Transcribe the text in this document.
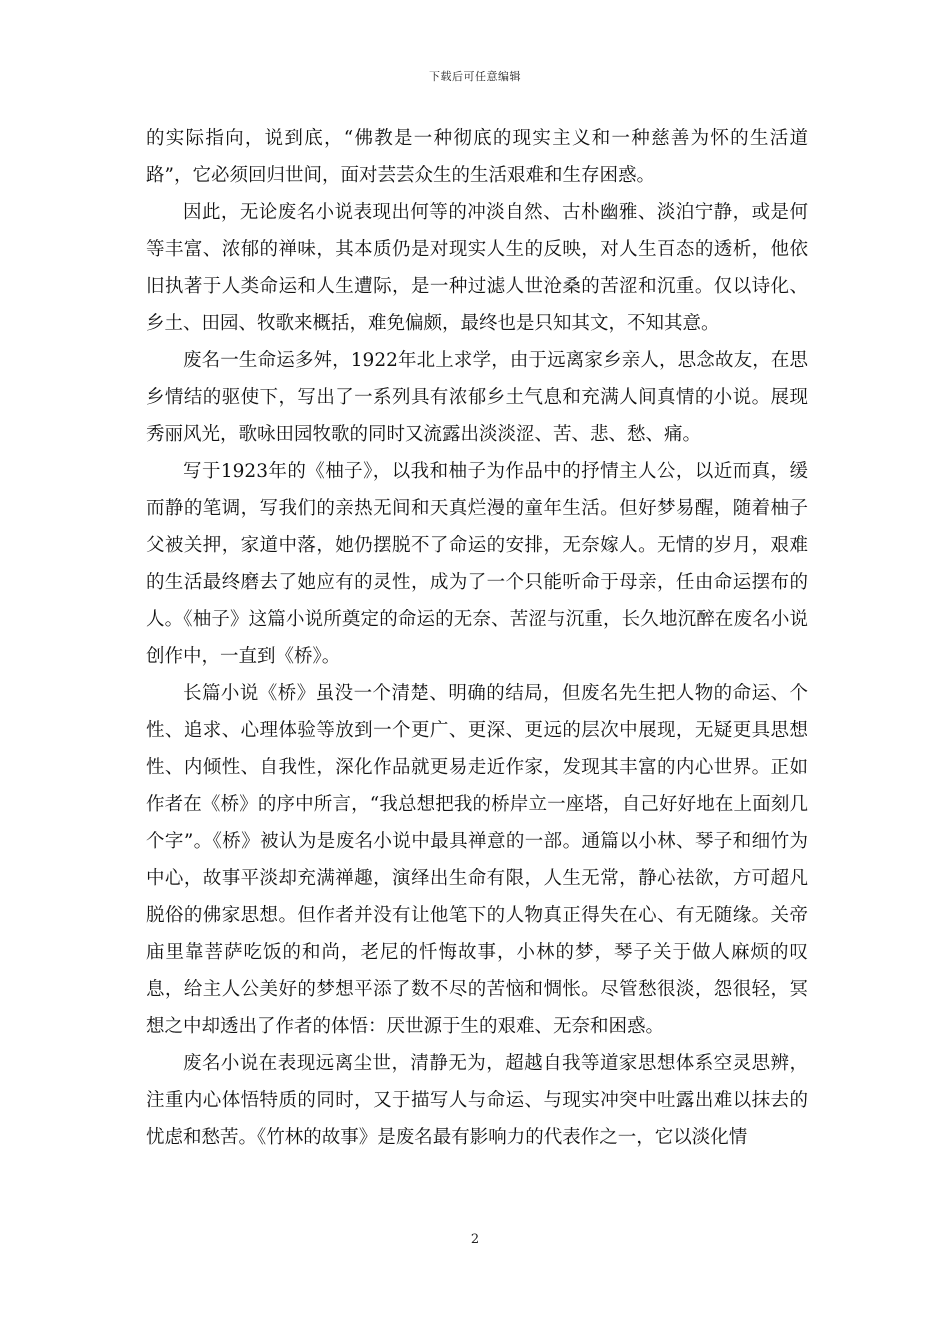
下载后可任意编辑

的实际指向，说到底，“佛教是一种彻底的现实主义和一种慈善为怀的生活道路”，它必须回归世间，面对芸芸众生的生活艰难和生存困惑。

因此，无论废名小说表现出何等的冲淡自然、古朴幽雅、淡泊宁静，或是何等丰富、浓郁的禅味，其本质仍是对现实人生的反映，对人生百态的透析，他依旧执著于人类命运和人生遭际，是一种过滤人世沧桑的苦涩和沉重。仅以诗化、乡土、田园、牧歌来概括，难免偏颇，最终也是只知其文，不知其意。

废名一生命运多舛，1922年北上求学，由于远离家乡亲人，思念故友，在思乡情结的驱使下，写出了一系列具有浓郁乡土气息和充满人间真情的小说。展现秀丽风光，歌咏田园牧歌的同时又流露出淡淡涩、苦、悲、愁、痛。

写于1923年的《柚子》，以我和柚子为作品中的抒情主人公，以近而真，缓而静的笔调，写我们的亲热无间和天真烂漫的童年生活。但好梦易醒，随着柚子父被关押，家道中落，她仍摆脱不了命运的安排，无奈嫁人。无情的岁月，艰难的生活最终磨去了她应有的灵性，成为了一个只能听命于母亲，任由命运摆布的人。《柚子》这篇小说所奠定的命运的无奈、苦涩与沉重，长久地沉醉在废名小说创作中，一直到《桥》。

长篇小说《桥》虽没一个清楚、明确的结局，但废名先生把人物的命运、个性、追求、心理体验等放到一个更广、更深、更远的层次中展现，无疑更具思想性、内倾性、自我性，深化作品就更易走近作家，发现其丰富的内心世界。正如作者在《桥》的序中所言，“我总想把我的桥岸立一座塔，自己好好地在上面刻几个字”。《桥》被认为是废名小说中最具禅意的一部。通篇以小林、琴子和细竹为中心，故事平淡却充满禅趣，演绎出生命有限，人生无常，静心祛欲，方可超凡脱俗的佛家思想。但作者并没有让他笔下的人物真正得失在心、有无随缘。关帝庙里靠菩萨吃饭的和尚，老尼的忏悔故事，小林的梦，琴子关于做人麻烦的叹息，给主人公美好的梦想平添了数不尽的苦恼和惆怅。尽管愁很淡，怨很轻，冥想之中却透出了作者的体悟：厌世源于生的艰难、无奈和困惑。

废名小说在表现远离尘世，清静无为，超越自我等道家思想体系空灵思辨，注重内心体悟特质的同时，又于描写人与命运、与现实冲突中吐露出难以抹去的忧虑和愁苦。《竹林的故事》是废名最有影响力的代表作之一，它以淡化情

2
